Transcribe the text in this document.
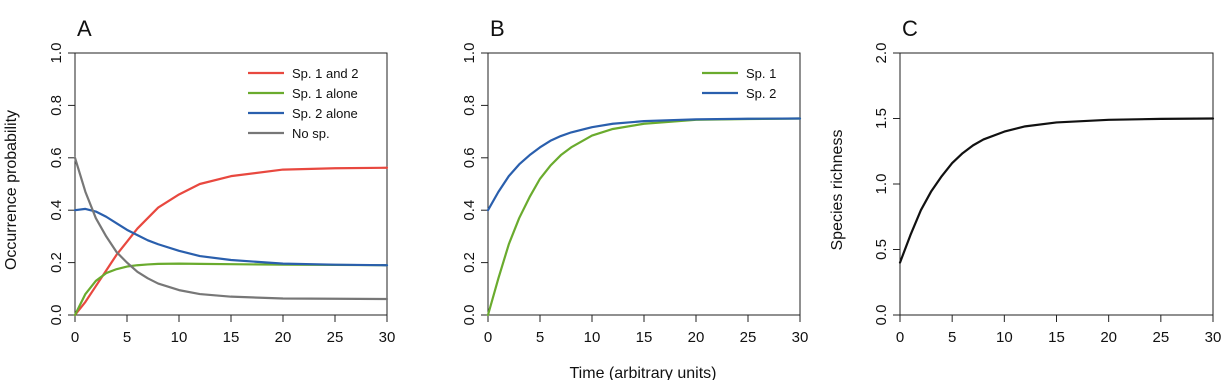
Time (arbitrary units)
0	5	10 15 20 25 30
0.0
0.2
0.4
0.6
0.8
1.0
Occurrence probability
A
Sp. 1 and 2
Sp. 1 alone
Sp. 2 alone
No sp.
0	5	10 15 20 25 30
0.0
0.2
0.4
0.6
0.8
1.0
B
Sp. 1
Sp. 2
0	5	10 15 20 25 30
0.0
0.5
1.0
1.5
2.0
Species richness
C
